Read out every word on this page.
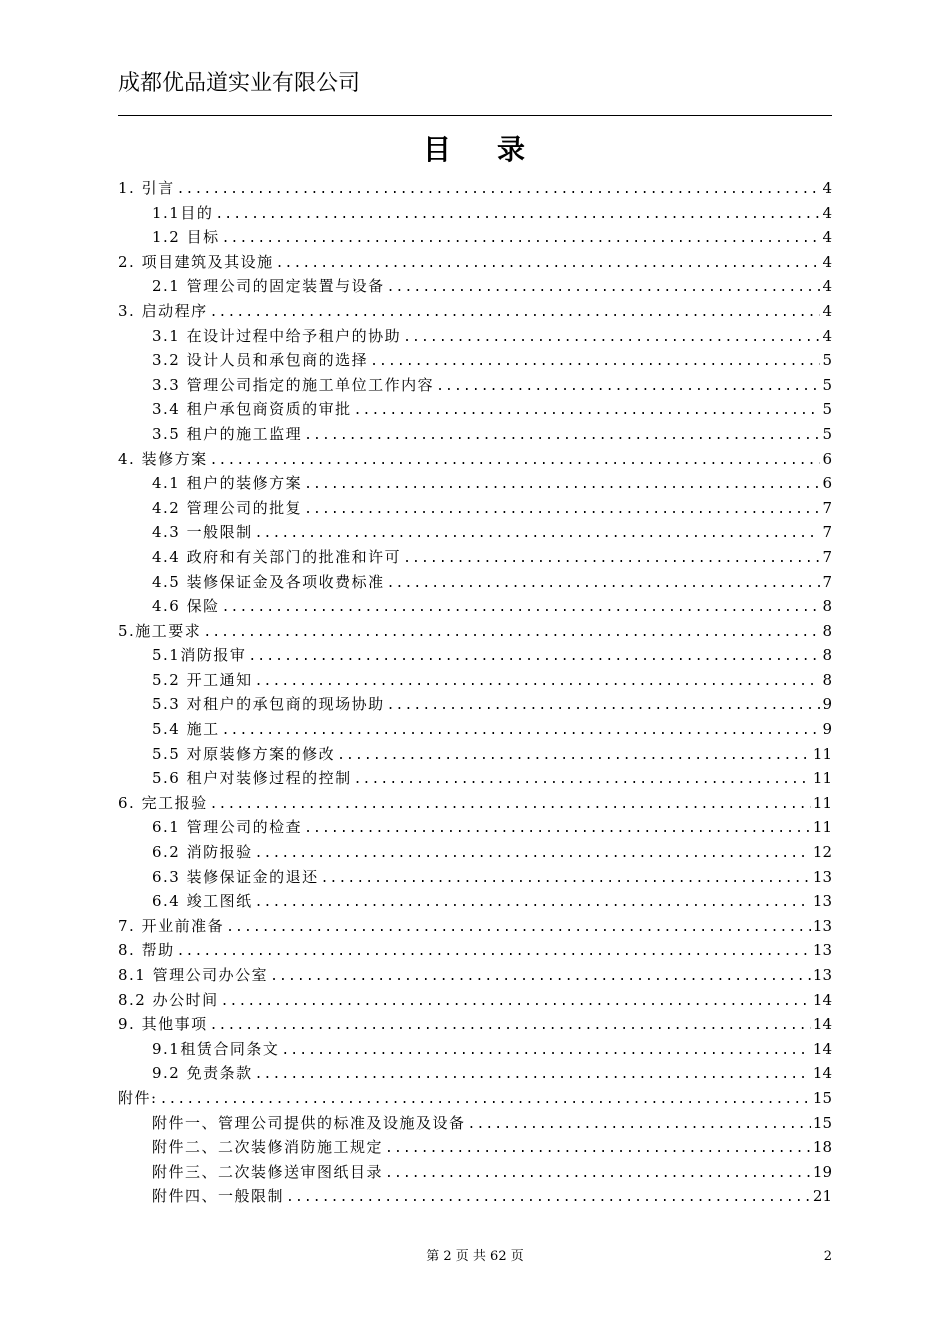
成都优品道实业有限公司
目 录
1. 引言 .....	4
1.1目的 .....	4
1.2 目标 .....	4
2. 项目建筑及其设施 .....	4
2.1 管理公司的固定装置与设备 .....	4
3. 启动程序 .....	4
3.1 在设计过程中给予租户的协助 .....	4
3.2 设计人员和承包商的选择 .....	5
3.3 管理公司指定的施工单位工作内容 .....	5
3.4 租户承包商资质的审批 .....	5
3.5 租户的施工监理 .....	5
4. 装修方案 .....	6
4.1 租户的装修方案 .....	6
4.2 管理公司的批复 .....	7
4.3 一般限制 .....	7
4.4 政府和有关部门的批准和许可 .....	7
4.5 装修保证金及各项收费标准 .....	7
4.6 保险 .....	8
5.施工要求 .....	8
5.1消防报审 .....	8
5.2 开工通知 .....	8
5.3 对租户的承包商的现场协助 .....	9
5.4 施工 .....	9
5.5 对原装修方案的修改 .....	11
5.6 租户对装修过程的控制 .....	11
6. 完工报验 .....	11
6.1 管理公司的检查 .....	11
6.2 消防报验 .....	12
6.3 装修保证金的退还 .....	13
6.4 竣工图纸 .....	13
7. 开业前准备 .....	13
8. 帮助 .....	13
8.1 管理公司办公室 .....	13
8.2 办公时间 .....	14
9. 其他事项 .....	14
9.1租赁合同条文 .....	14
9.2 免责条款 .....	14
附件: .....	15
附件一、管理公司提供的标准及设施及设备 .....	15
附件二、二次装修消防施工规定 .....	18
附件三、二次装修送审图纸目录 .....	19
附件四、一般限制 .....	21
第 2 页 共 62 页	2
